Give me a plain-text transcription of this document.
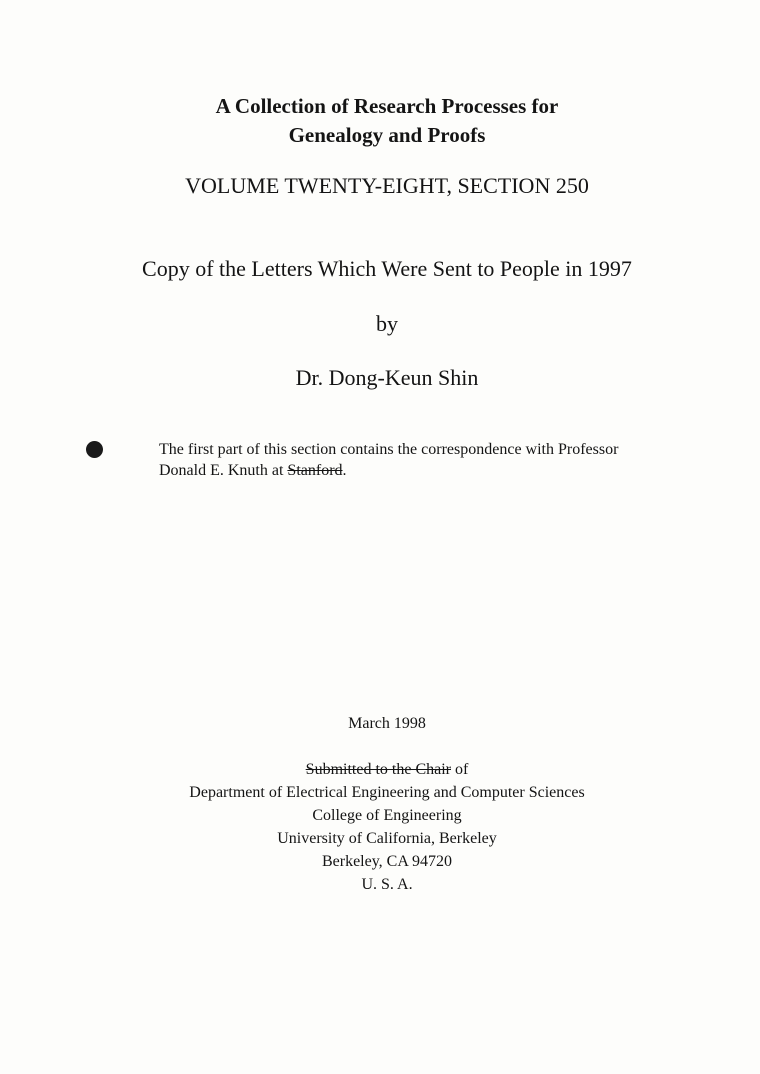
A Collection of Research Processes for
Genealogy and Proofs
VOLUME TWENTY-EIGHT, SECTION 250
Copy of the Letters Which Were Sent to People in 1997
by
Dr. Dong-Keun Shin
The first part of this section contains the correspondence with Professor
Donald E. Knuth at Stanford.
March 1998
Submitted to the Chair of
Department of Electrical Engineering and Computer Sciences
College of Engineering
University of California, Berkeley
Berkeley, CA 94720
U. S. A.
